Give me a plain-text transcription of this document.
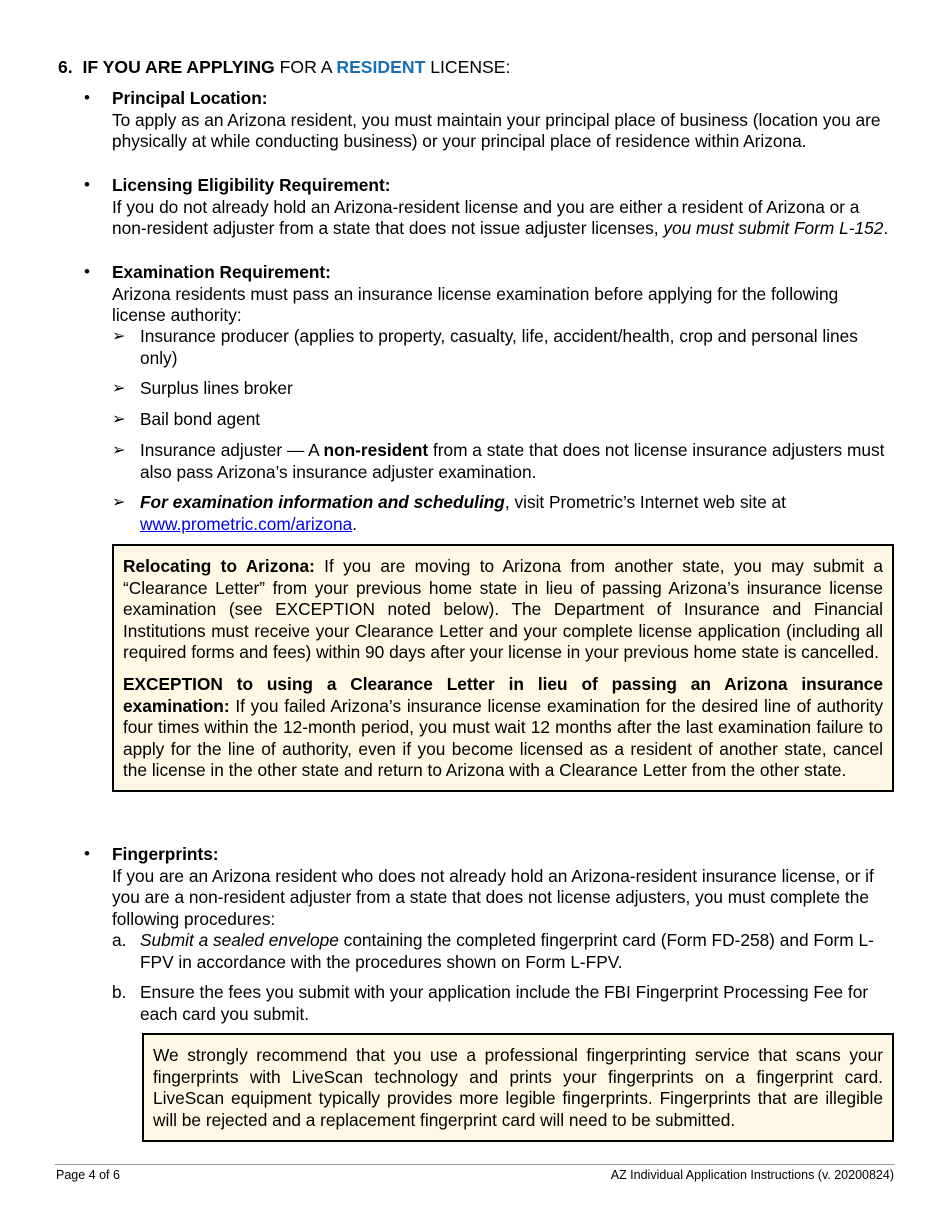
6. IF YOU ARE APPLYING FOR A RESIDENT LICENSE:
• Principal Location:
To apply as an Arizona resident, you must maintain your principal place of business (location you are physically at while conducting business) or your principal place of residence within Arizona.
• Licensing Eligibility Requirement:
If you do not already hold an Arizona-resident license and you are either a resident of Arizona or a non-resident adjuster from a state that does not issue adjuster licenses, you must submit Form L-152.
• Examination Requirement:
Arizona residents must pass an insurance license examination before applying for the following license authority:
➢ Insurance producer (applies to property, casualty, life, accident/health, crop and personal lines only)
➢ Surplus lines broker
➢ Bail bond agent
➢ Insurance adjuster — A non-resident from a state that does not license insurance adjusters must also pass Arizona’s insurance adjuster examination.
➢ For examination information and scheduling, visit Prometric’s Internet web site at
www.prometric.com/arizona.

Relocating to Arizona: If you are moving to Arizona from another state, you may submit a “Clearance Letter” from your previous home state in lieu of passing Arizona’s insurance license examination (see EXCEPTION noted below). The Department of Insurance and Financial Institutions must receive your Clearance Letter and your complete license application (including all required forms and fees) within 90 days after your license in your previous home state is cancelled.

EXCEPTION to using a Clearance Letter in lieu of passing an Arizona insurance examination: If you failed Arizona’s insurance license examination for the desired line of authority four times within the 12-month period, you must wait 12 months after the last examination failure to apply for the line of authority, even if you become licensed as a resident of another state, cancel the license in the other state and return to Arizona with a Clearance Letter from the other state.

• Fingerprints:
If you are an Arizona resident who does not already hold an Arizona-resident insurance license, or if you are a non-resident adjuster from a state that does not license adjusters, you must complete the following procedures:
a. Submit a sealed envelope containing the completed fingerprint card (Form FD-258) and Form L-FPV in accordance with the procedures shown on Form L-FPV.
b. Ensure the fees you submit with your application include the FBI Fingerprint Processing Fee for each card you submit.
We strongly recommend that you use a professional fingerprinting service that scans your fingerprints with LiveScan technology and prints your fingerprints on a fingerprint card. LiveScan equipment typically provides more legible fingerprints. Fingerprints that are illegible will be rejected and a replacement fingerprint card will need to be submitted.
Page 4 of 6	AZ Individual Application Instructions (v. 20200824)
